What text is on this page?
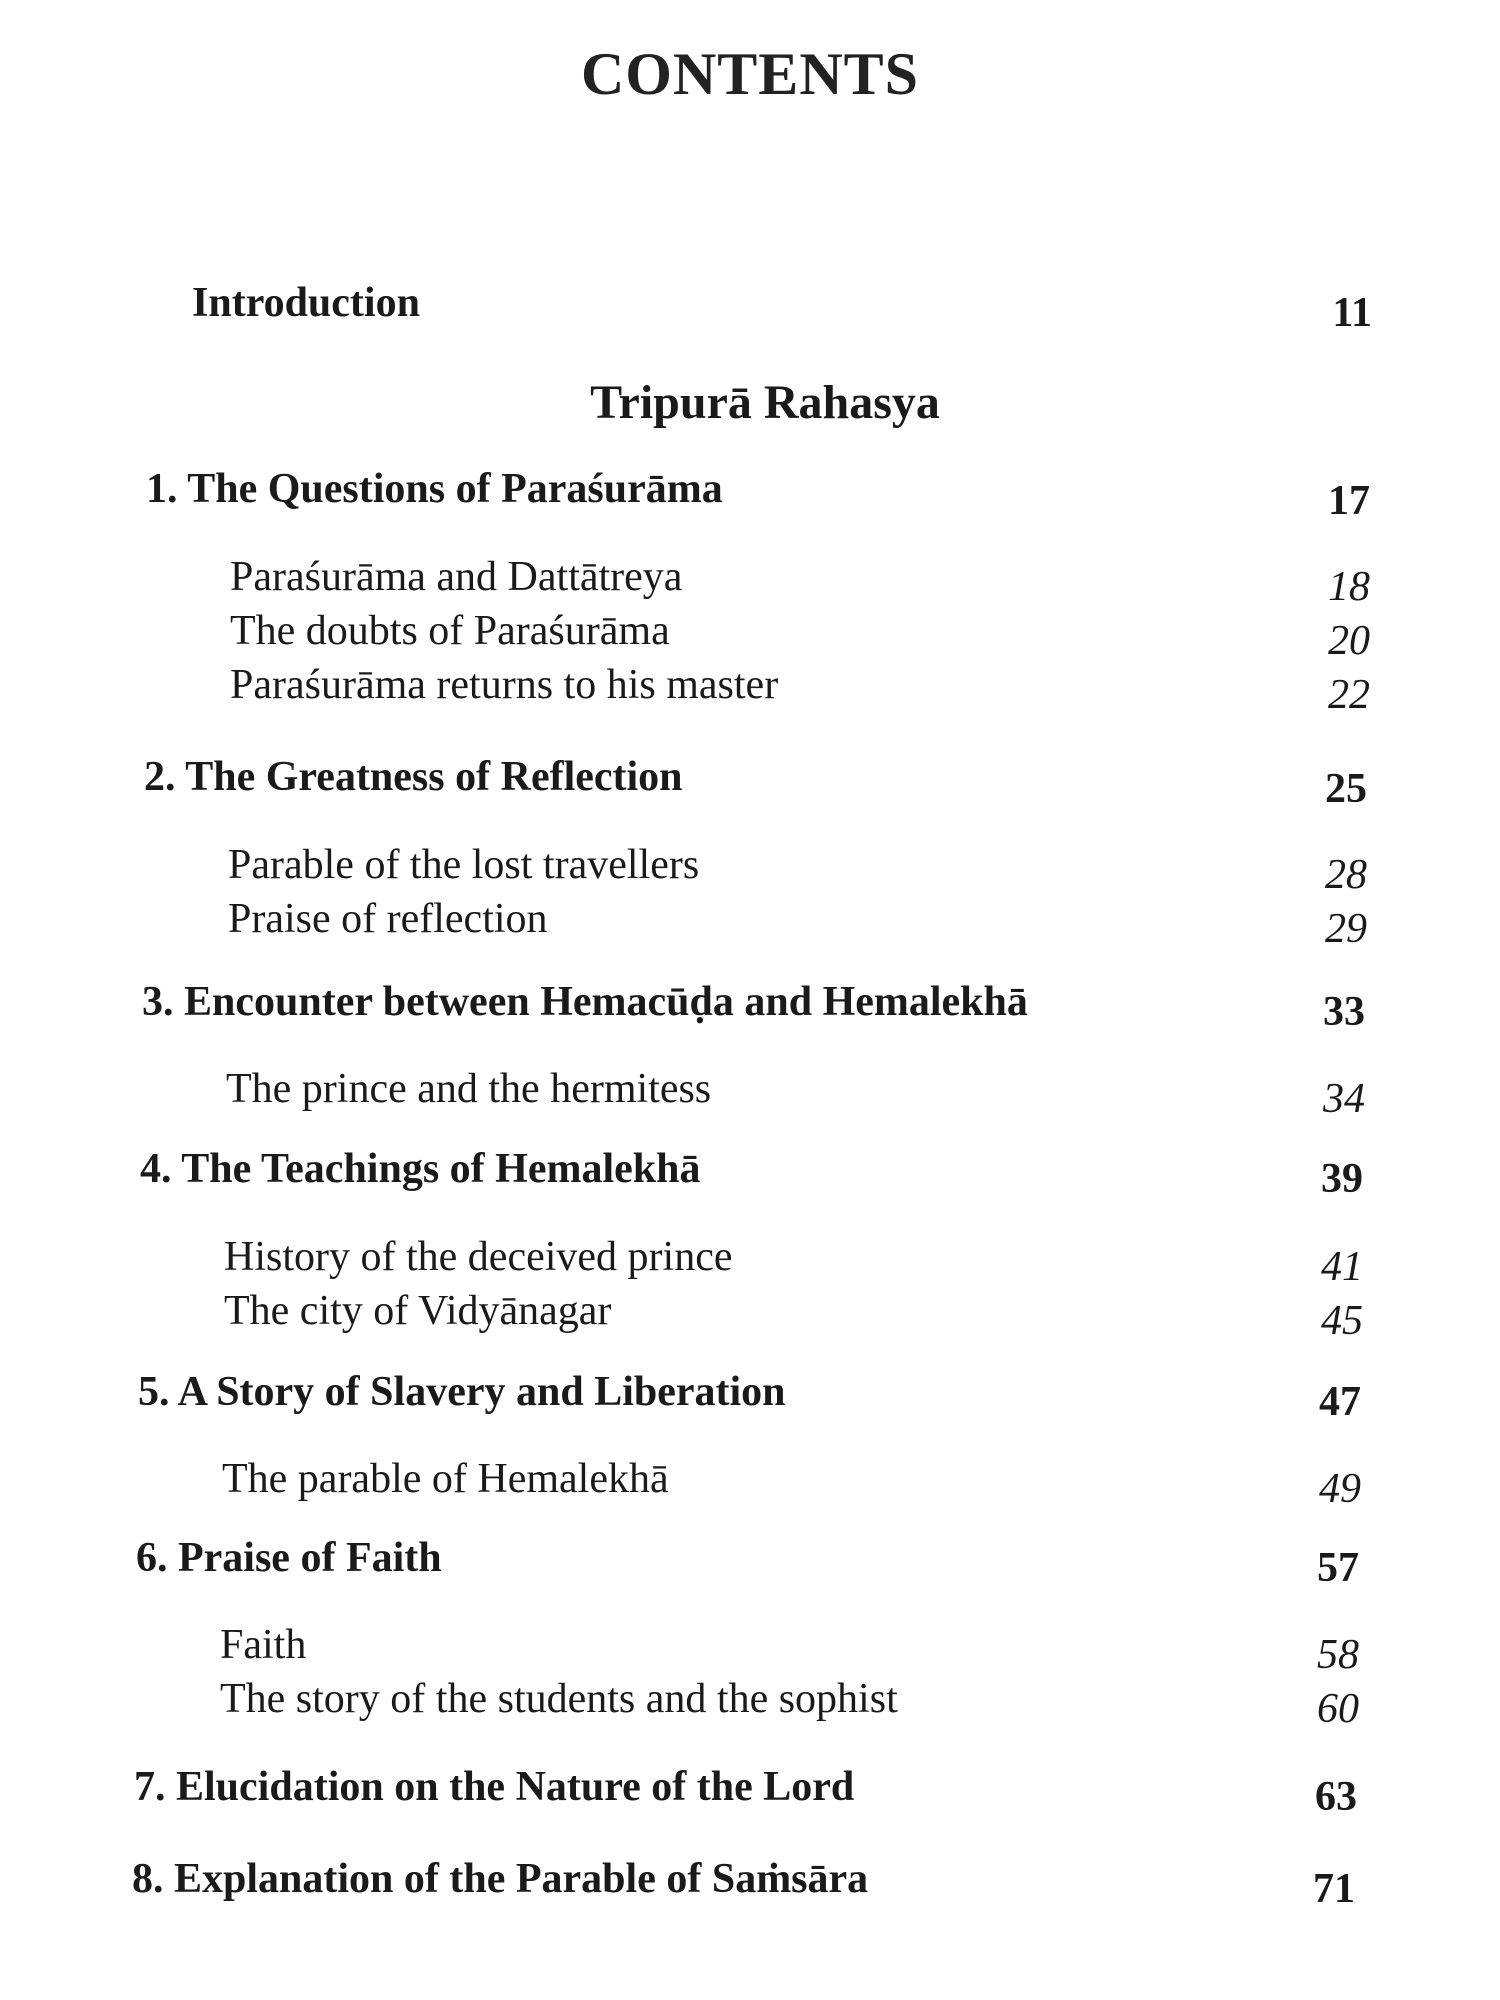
CONTENTS
Introduction	11
Tripurā Rahasya
1. The Questions of Paraśurāma	17
Paraśurāma and Dattātreya	18
The doubts of Paraśurāma	20
Paraśurāma returns to his master	22
2. The Greatness of Reflection	25
Parable of the lost travellers	28
Praise of reflection	29
3. Encounter between Hemacūḍa and Hemalekhā	33
The prince and the hermitess	34
4. The Teachings of Hemalekhā	39
History of the deceived prince	41
The city of Vidyānagar	45
5. A Story of Slavery and Liberation	47
The parable of Hemalekhā	49
6. Praise of Faith	57
Faith	58
The story of the students and the sophist	60
7. Elucidation on the Nature of the Lord	63
8. Explanation of the Parable of Saṁsāra	71
